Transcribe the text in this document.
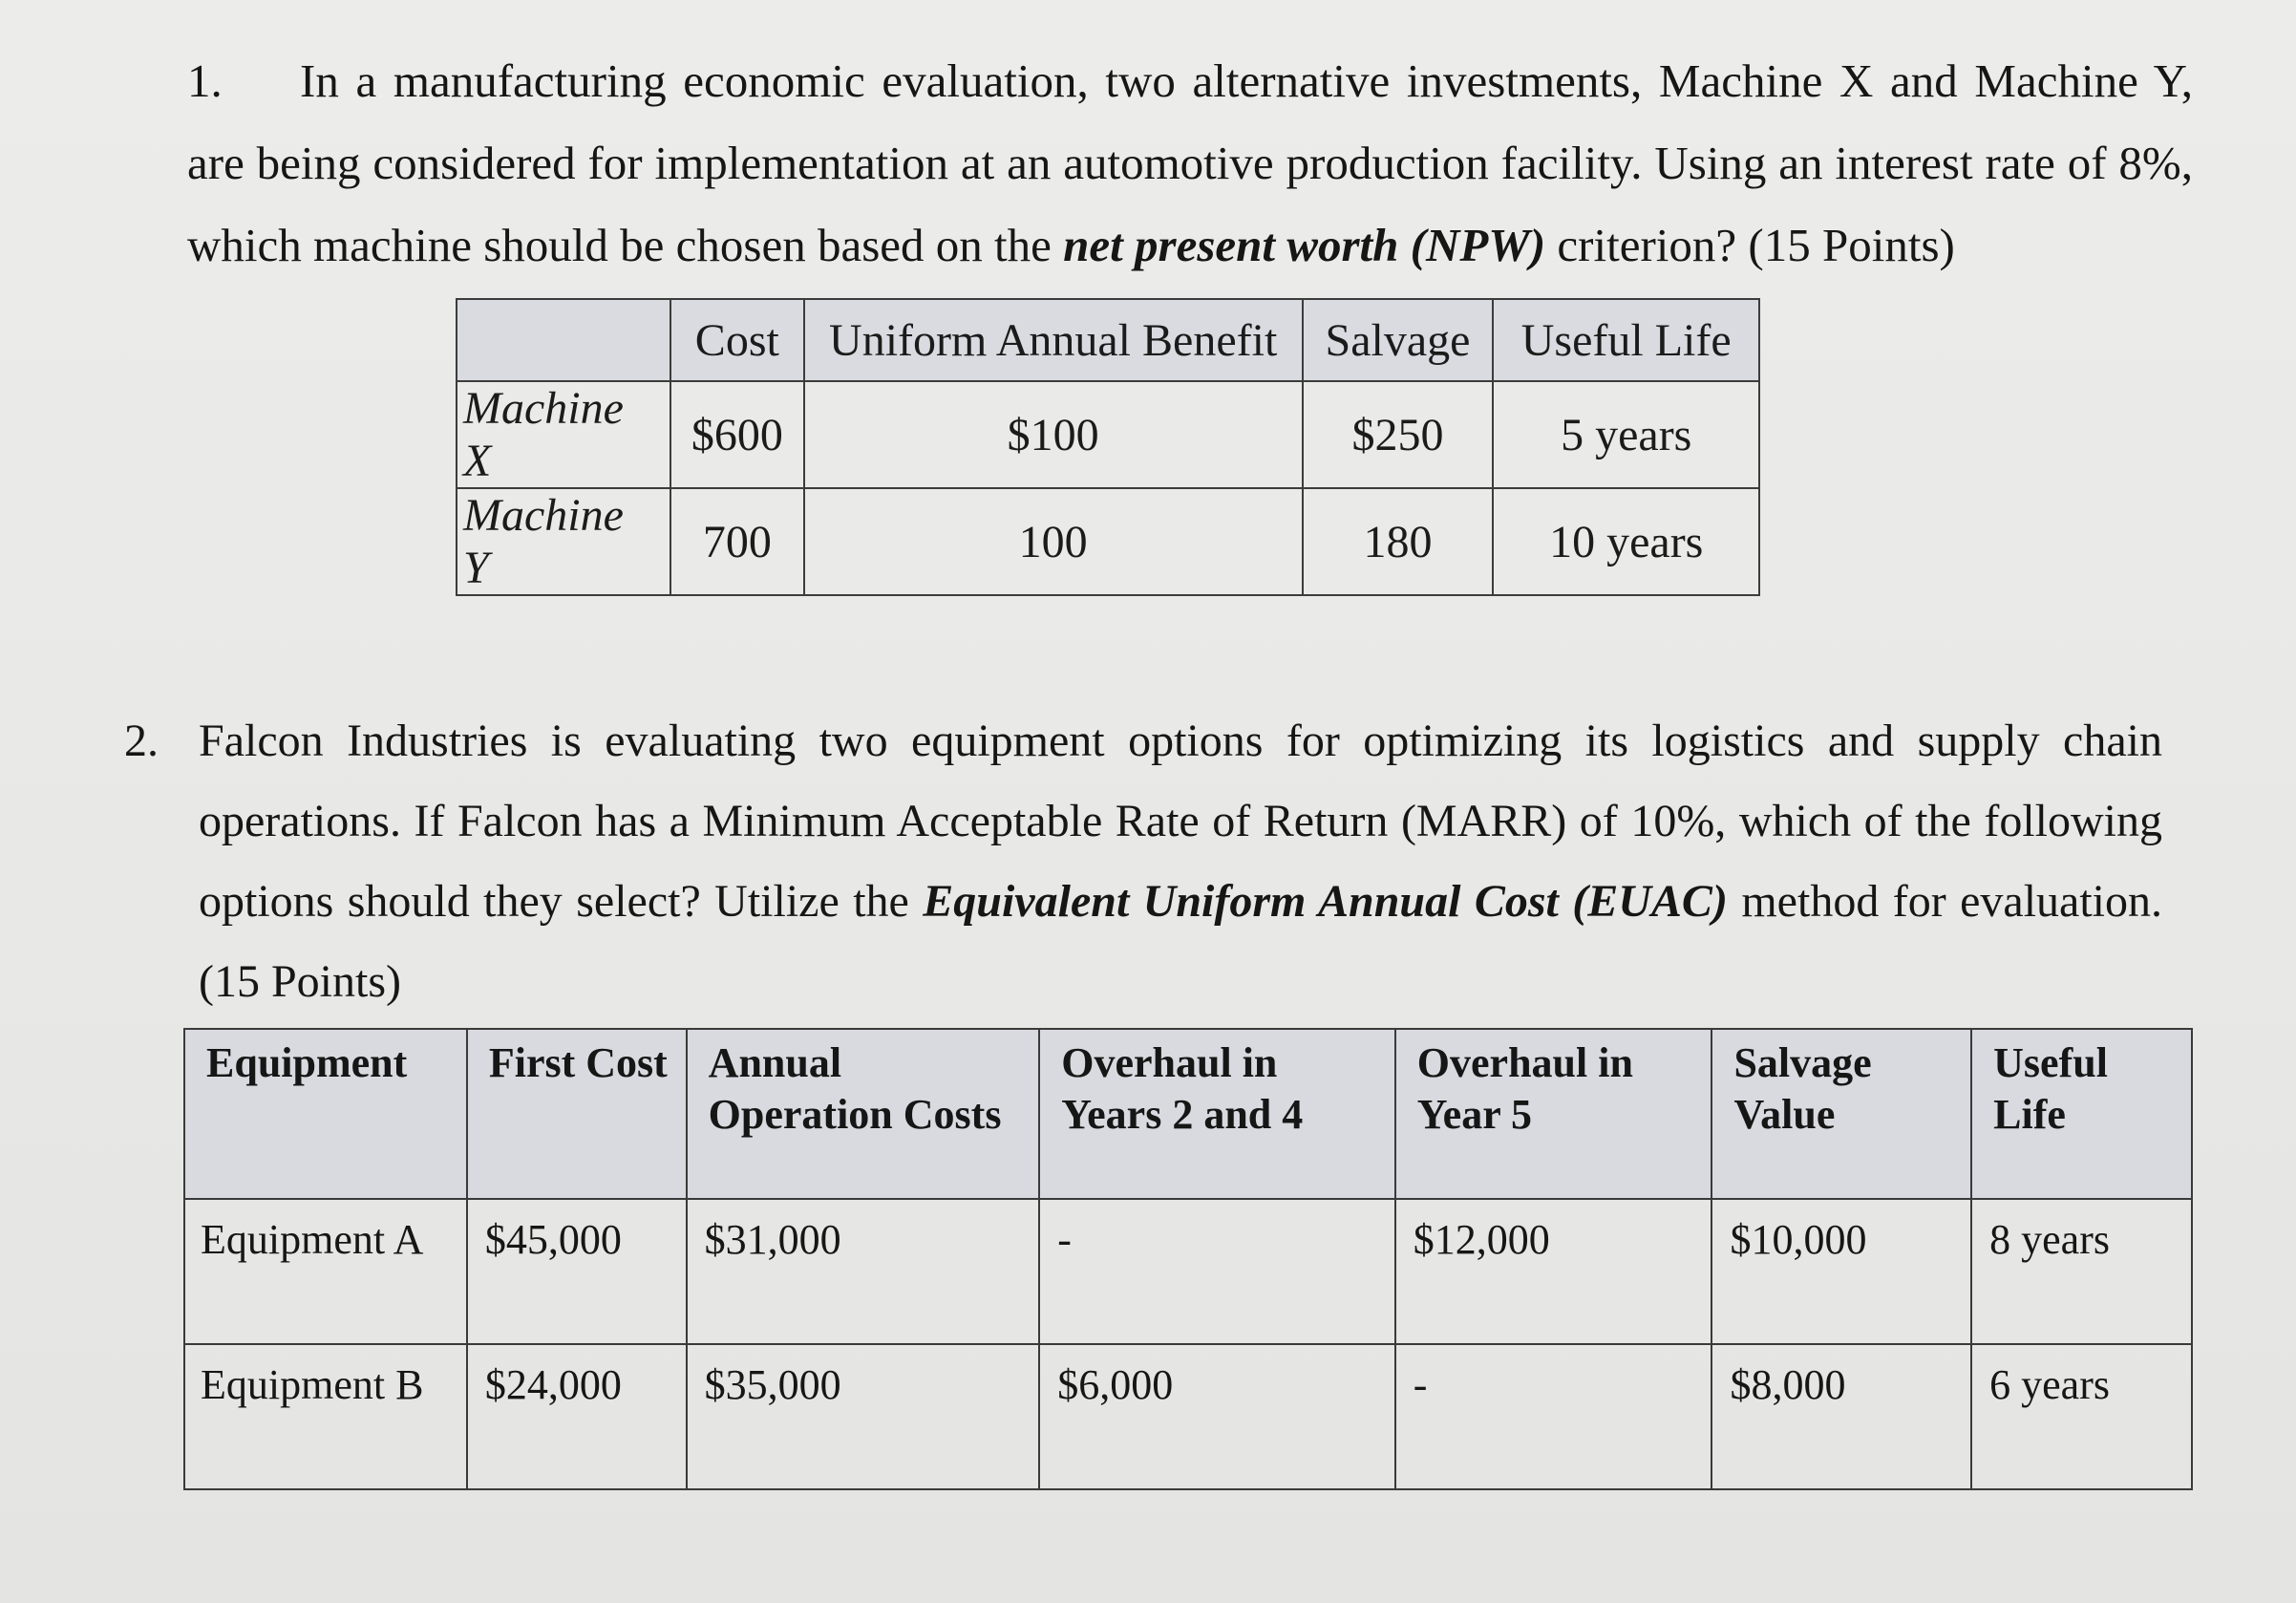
1. In a manufacturing economic evaluation, two alternative investments, Machine X and Machine Y, are being considered for implementation at an automotive production facility. Using an interest rate of 8%, which machine should be chosen based on the net present worth (NPW) criterion? (15 Points)
	Cost	Uniform Annual Benefit	Salvage	Useful Life
Machine X	$600	$100	$250	5 years
Machine Y	700	100	180	10 years
2. Falcon Industries is evaluating two equipment options for optimizing its logistics and supply chain operations. If Falcon has a Minimum Acceptable Rate of Return (MARR) of 10%, which of the following options should they select? Utilize the Equivalent Uniform Annual Cost (EUAC) method for evaluation. (15 Points)
Equipment	First Cost	Annual Operation Costs	Overhaul in Years 2 and 4	Overhaul in Year 5	Salvage Value	Useful Life
Equipment A	$45,000	$31,000	-	$12,000	$10,000	8 years
Equipment B	$24,000	$35,000	$6,000	-	$8,000	6 years
